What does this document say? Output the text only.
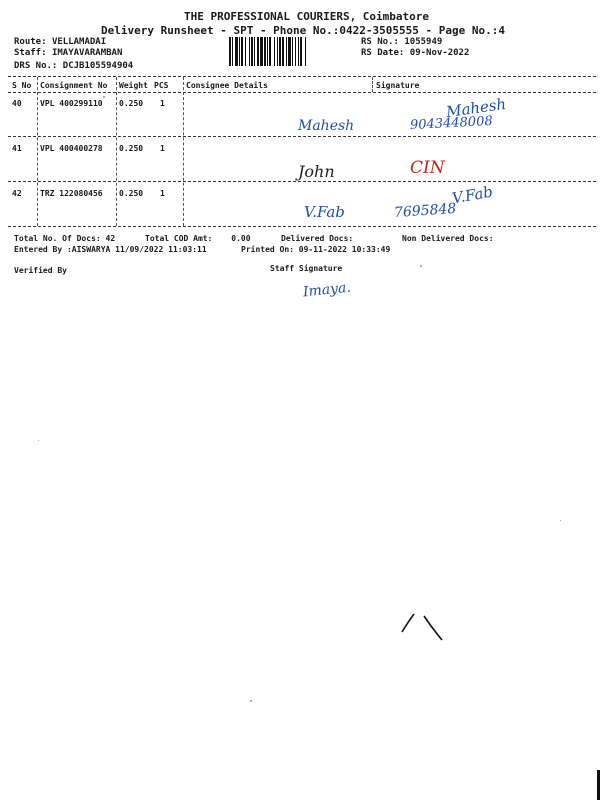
THE PROFESSIONAL COURIERS, Coimbatore
Delivery Runsheet - SPT - Phone No.:0422-3505555 - Page No.:4
Route: VELLAMADAI
Staff: IMAYAVARAMBAN
DRS No.: DCJB105594904
RS No.: 1055949
RS Date: 09-Nov-2022
S No Consignment No Weight PCS Consignee Details	Signature
40 VPL 400299110 0.250 1
Mahesh
Mahesh
9043448008
41 VPL 400400278 0.250 1
John	CIN
42 TRZ 122080456 0.250 1
V.Fab	7695848
V.Fab
Total No. Of Docs: 42	Total COD Amt: 0.00	Delivered Docs:	Non Delivered Docs:
Entered By :AISWARYA 11/09/2022 11:03:11	Printed On: 09-11-2022 10:33:49
Verified By	Staff Signature
Imaya.
